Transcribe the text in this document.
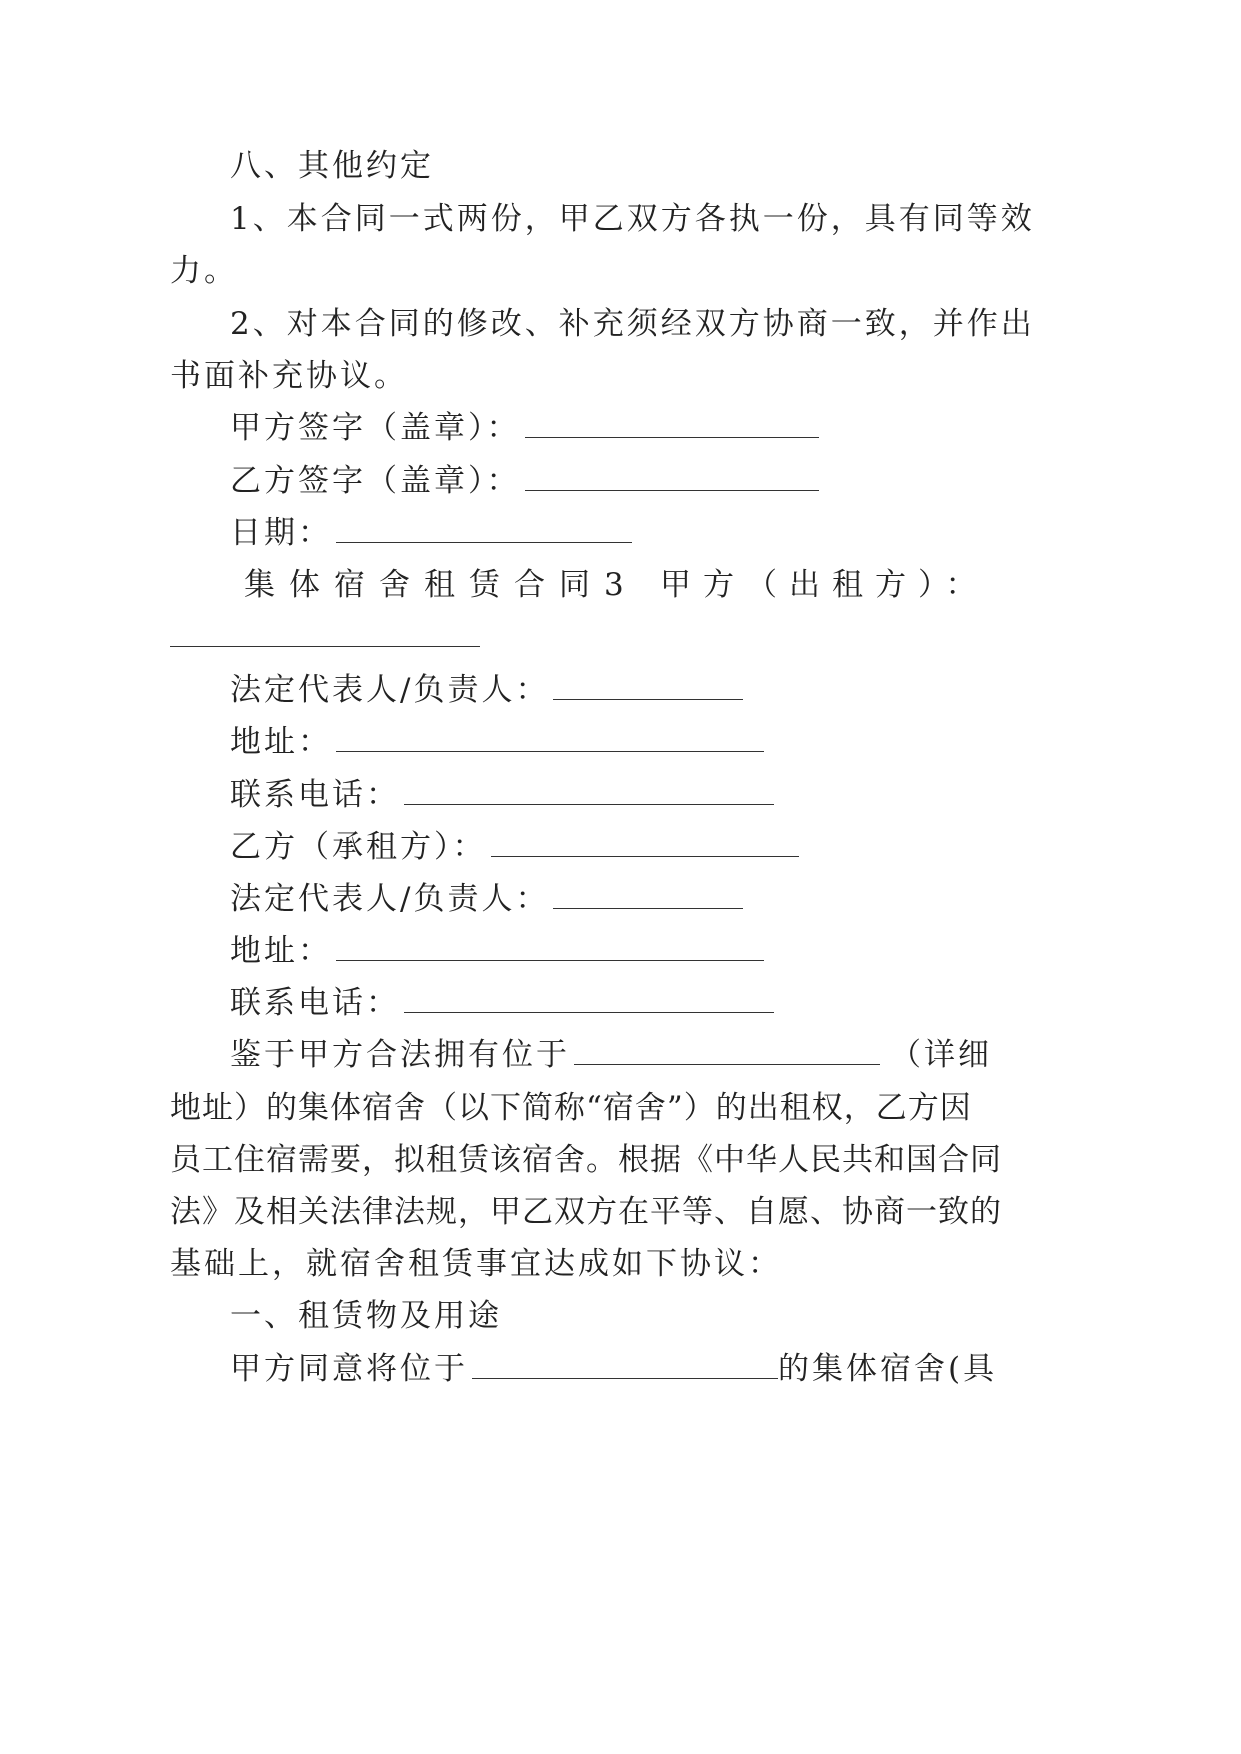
八、其他约定
1、本合同一式两份，甲乙双方各执一份，具有同等效
力。
2、对本合同的修改、补充须经双方协商一致，并作出
书面补充协议。
甲方签字（盖章）：
乙方签字（盖章）：
日期：
集体宿舍租赁合同3 甲方（出租方）：
法定代表人/负责人：
地址：
联系电话：
乙方（承租方）：
法定代表人/负责人：
地址：
联系电话：
鉴于甲方合法拥有位于	（详细
地址）的集体宿舍（以下简称“宿舍”）的出租权，乙方因
员工住宿需要，拟租赁该宿舍。根据《中华人民共和国合同
法》及相关法律法规，甲乙双方在平等、自愿、协商一致的
基础上，就宿舍租赁事宜达成如下协议：
一、租赁物及用途
甲方同意将位于	的集体宿舍(具
